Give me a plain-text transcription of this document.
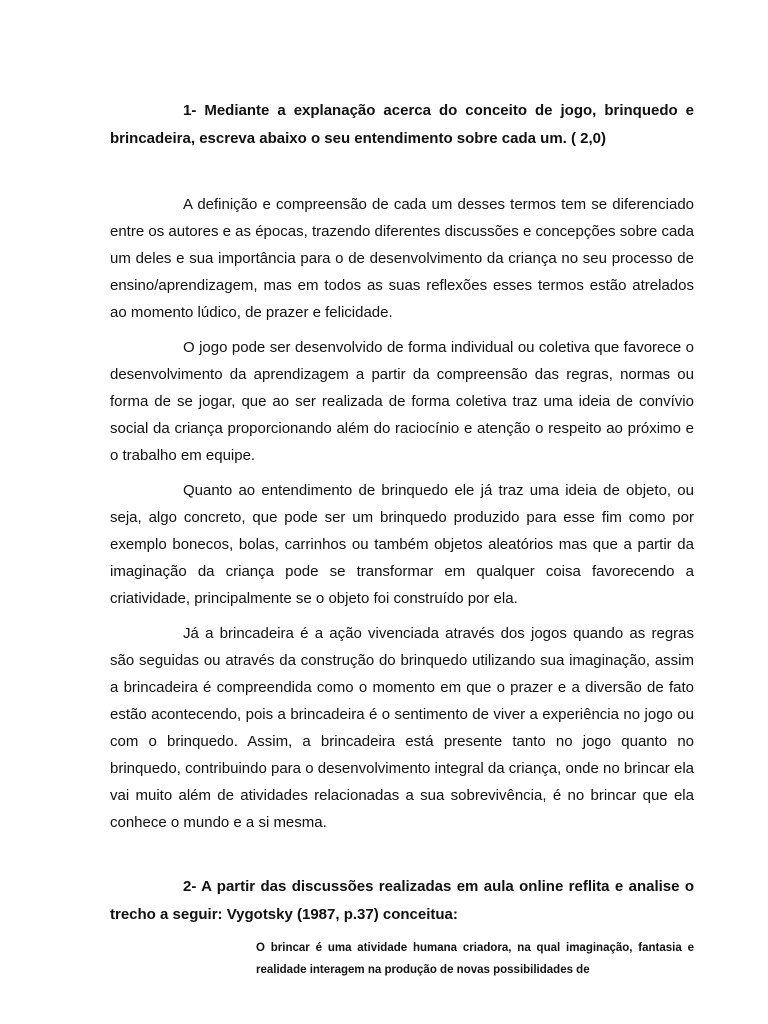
1- Mediante a explanação acerca do conceito de jogo, brinquedo e brincadeira, escreva abaixo o seu entendimento sobre cada um. ( 2,0)

A definição e compreensão de cada um desses termos tem se diferenciado entre os autores e as épocas, trazendo diferentes discussões e concepções sobre cada um deles e sua importância para o de desenvolvimento da criança no seu processo de ensino/aprendizagem, mas em todos as suas reflexões esses termos estão atrelados ao momento lúdico, de prazer e felicidade.

O jogo pode ser desenvolvido de forma individual ou coletiva que favorece o desenvolvimento da aprendizagem a partir da compreensão das regras, normas ou forma de se jogar, que ao ser realizada de forma coletiva traz uma ideia de convívio social da criança proporcionando além do raciocínio e atenção o respeito ao próximo e o trabalho em equipe.

Quanto ao entendimento de brinquedo ele já traz uma ideia de objeto, ou seja, algo concreto, que pode ser um brinquedo produzido para esse fim como por exemplo bonecos, bolas, carrinhos ou também objetos aleatórios mas que a partir da imaginação da criança pode se transformar em qualquer coisa favorecendo a criatividade, principalmente se o objeto foi construído por ela.

Já a brincadeira é a ação vivenciada através dos jogos quando as regras são seguidas ou através da construção do brinquedo utilizando sua imaginação, assim a brincadeira é compreendida como o momento em que o prazer e a diversão de fato estão acontecendo, pois a brincadeira é o sentimento de viver a experiência no jogo ou com o brinquedo. Assim, a brincadeira está presente tanto no jogo quanto no brinquedo, contribuindo para o desenvolvimento integral da criança, onde no brincar ela vai muito além de atividades relacionadas a sua sobrevivência, é no brincar que ela conhece o mundo e a si mesma.

2- A partir das discussões realizadas em aula online reflita e analise o trecho a seguir: Vygotsky (1987, p.37) conceitua:

O brincar é uma atividade humana criadora, na qual imaginação, fantasia e realidade interagem na produção de novas possibilidades de
